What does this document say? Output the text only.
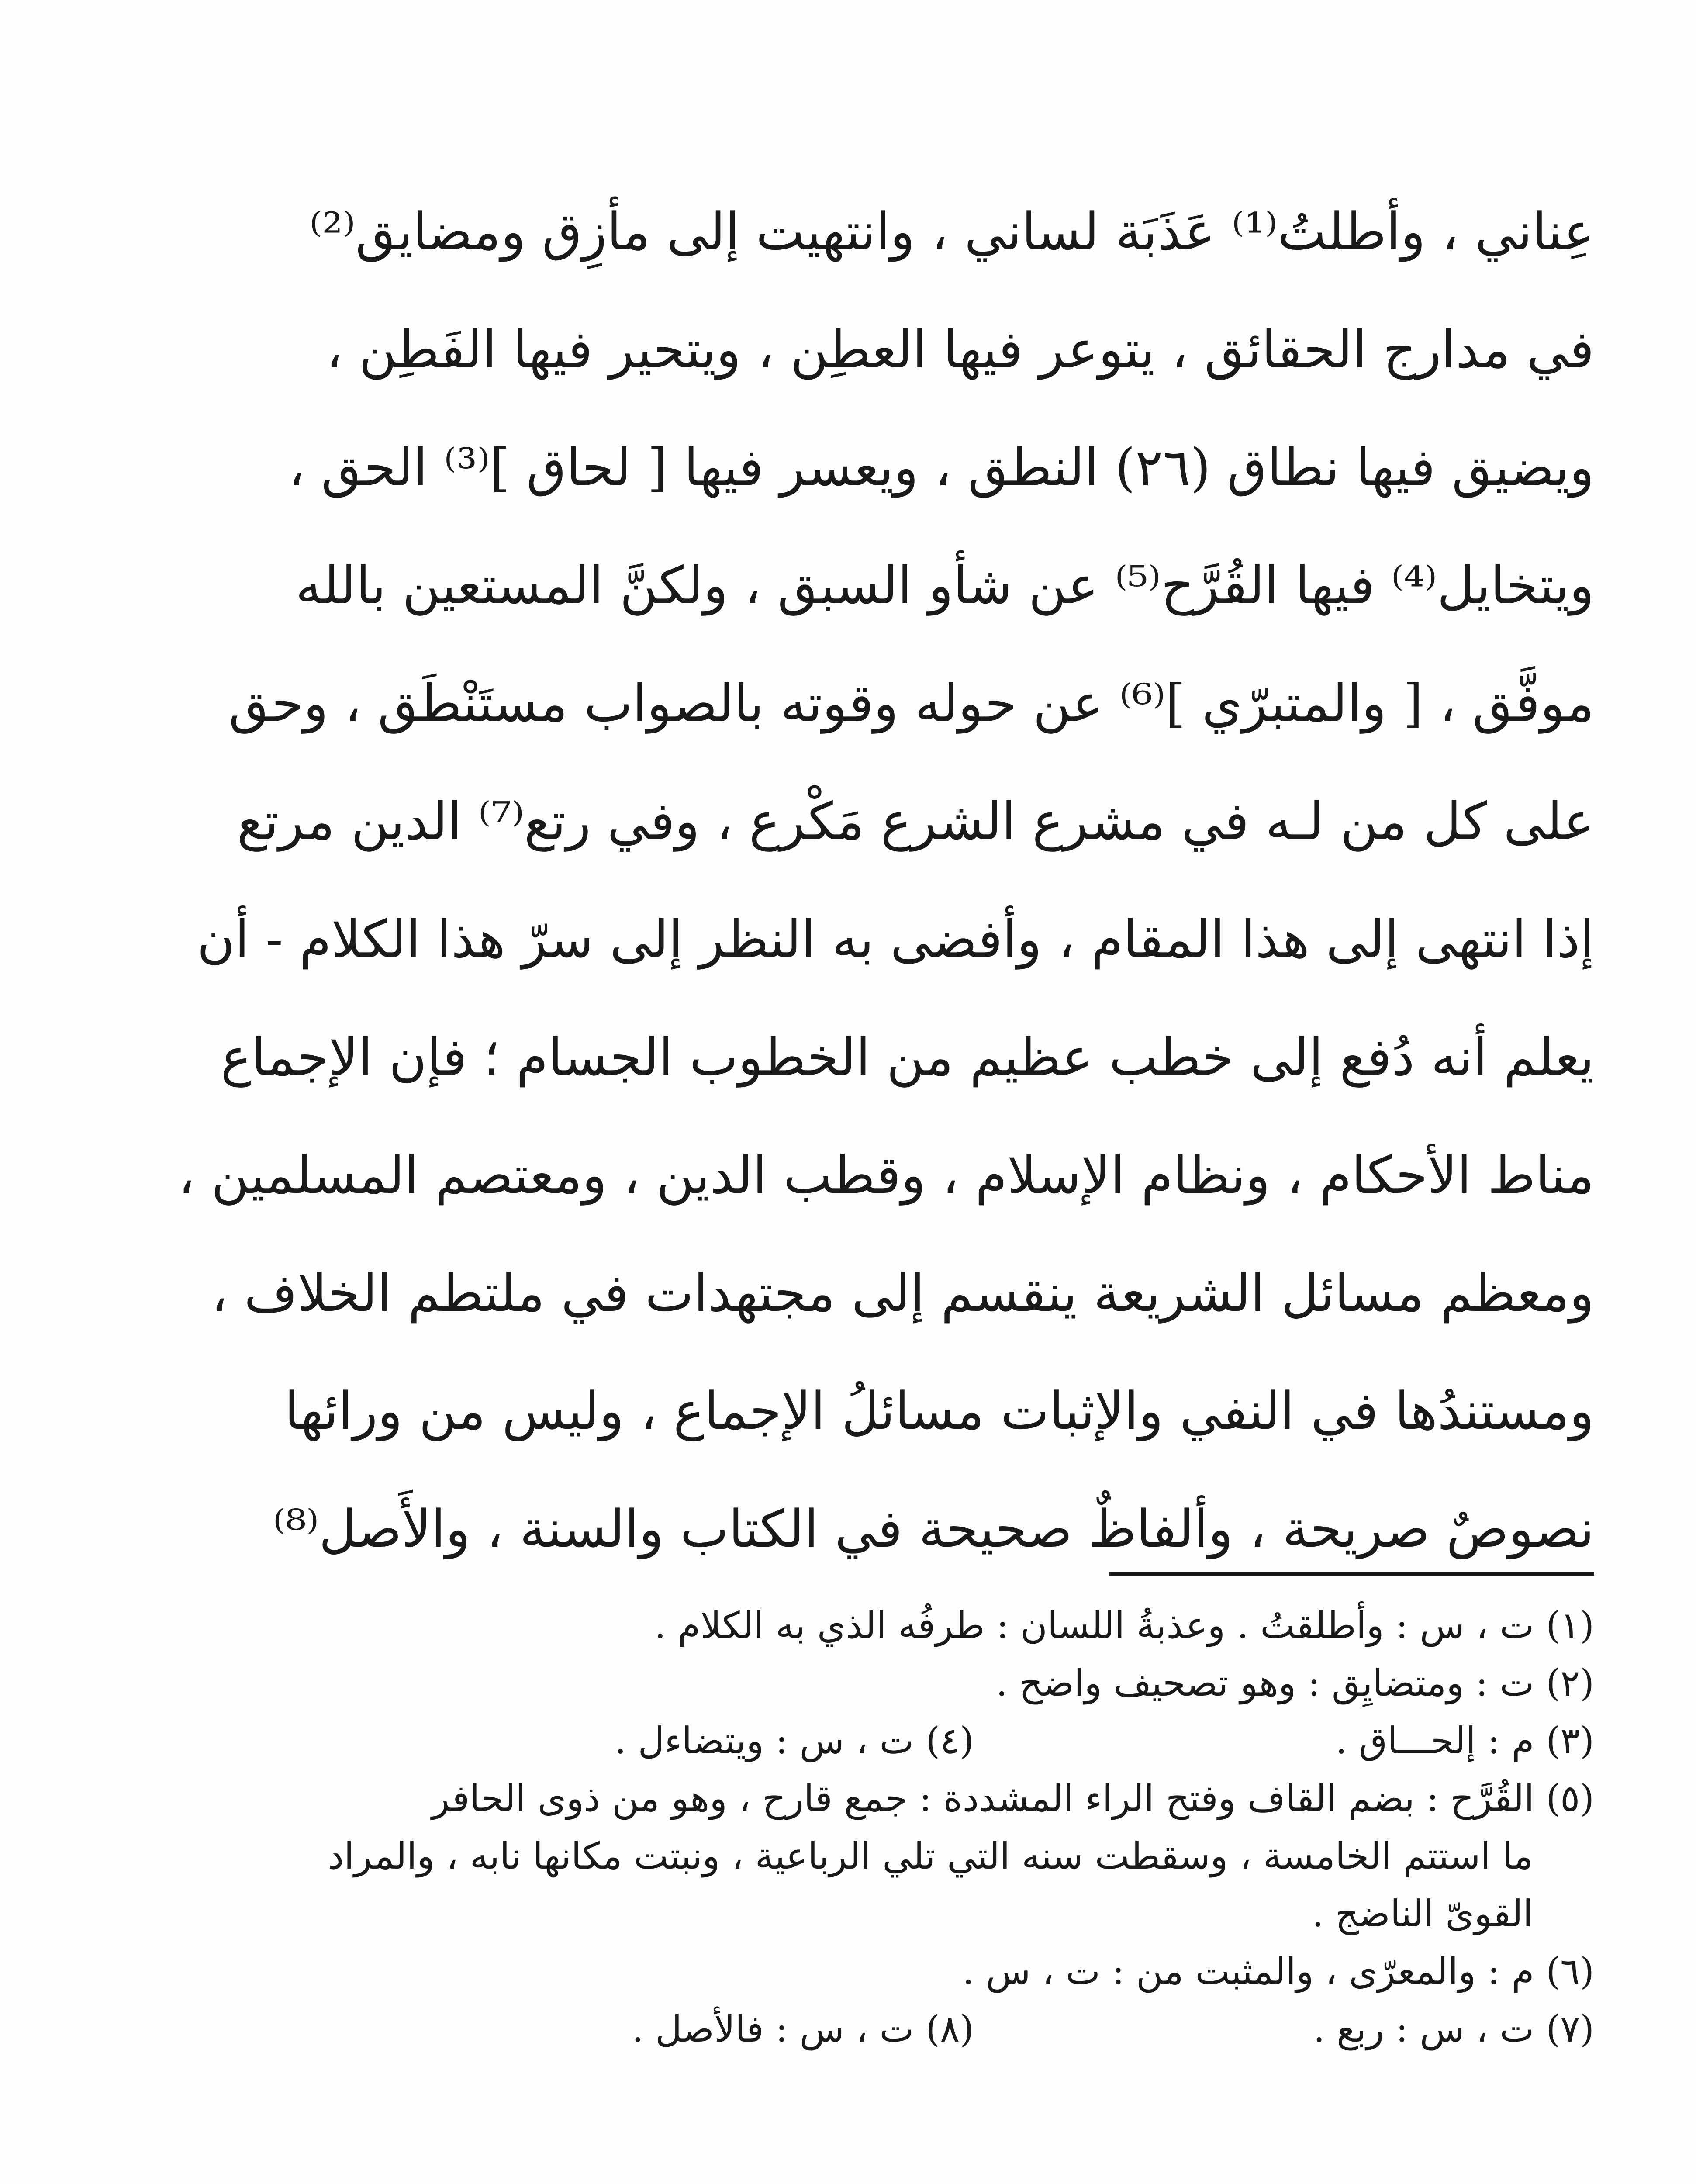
عِناني ، وأطلتُ⁽¹⁾ عَذَبَة لساني ، وانتهيت إلى مأزِق ومضايق⁽²⁾
في مدارج الحقائق ، يتوعر فيها العطِن ، ويتحير فيها الفَطِن ،
ويضيق فيها نطاق (٢٦) النطق ، ويعسر فيها [ لحاق ]⁽³⁾ الحق ،
ويتخايل⁽⁴⁾ فيها القُرَّح⁽⁵⁾ عن شأو السبق ، ولكنَّ المستعين بالله
موفَّق ، [ والمتبرّي ]⁽⁶⁾ عن حوله وقوته بالصواب مستَنْطَق ، وحق
على كل من لـه في مشرع الشرع مَكْرع ، وفي رتع⁽⁷⁾ الدين مرتع
إذا انتهى إلى هذا المقام ، وأفضى به النظر إلى سرّ هذا الكلام - أن
يعلم أنه دُفع إلى خطب عظيم من الخطوب الجسام ؛ فإن الإجماع
مناط الأحكام ، ونظام الإسلام ، وقطب الدين ، ومعتصم المسلمين ،
ومعظم مسائل الشريعة ينقسم إلى مجتهدات في ملتطم الخلاف ،
ومستندُها في النفي والإثبات مسائلُ الإجماع ، وليس من ورائها
نصوصٌ صريحة ، وألفاظٌ صحيحة في الكتاب والسنة ، والأَصل⁽⁸⁾
(١) ت ، س : وأطلقتُ . وعذبةُ اللسان : طرفُه الذي به الكلام .
(٢) ت : ومتضايِق : وهو تصحيف واضح .
(٣) م : إلحـــاق .
(٤) ت ، س : ويتضاءل .
(٥) القُرَّح : بضم القاف وفتح الراء المشددة : جمع قارح ، وهو من ذوى الحافر
ما استتم الخامسة ، وسقطت سنه التي تلي الرباعية ، ونبتت مكانها نابه ، والمراد
القوىّ الناضج .
(٦) م : والمعرّى ، والمثبت من : ت ، س .
(٧) ت ، س : ربع .
(٨) ت ، س : فالأصل .
